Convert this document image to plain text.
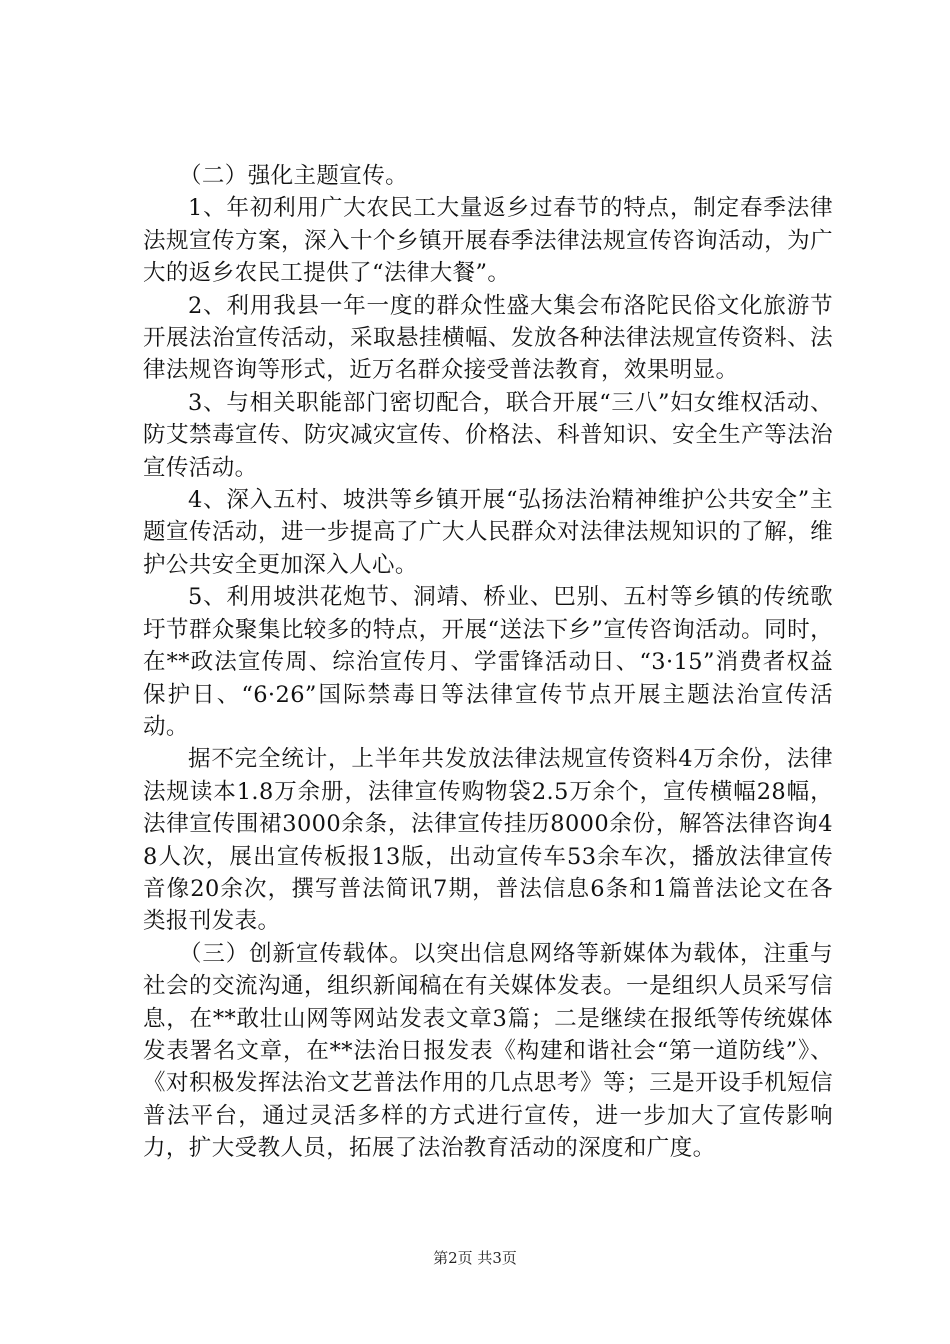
（二）强化主题宣传。

1、年初利用广大农民工大量返乡过春节的特点，制定春季法律法规宣传方案，深入十个乡镇开展春季法律法规宣传咨询活动，为广大的返乡农民工提供了“法律大餐”。

2、利用我县一年一度的群众性盛大集会布洛陀民俗文化旅游节开展法治宣传活动，采取悬挂横幅、发放各种法律法规宣传资料、法律法规咨询等形式，近万名群众接受普法教育，效果明显。

3、与相关职能部门密切配合，联合开展“三八”妇女维权活动、防艾禁毒宣传、防灾减灾宣传、价格法、科普知识、安全生产等法治宣传活动。

4、深入五村、坡洪等乡镇开展“弘扬法治精神维护公共安全”主题宣传活动，进一步提高了广大人民群众对法律法规知识的了解，维护公共安全更加深入人心。

5、利用坡洪花炮节、洞靖、桥业、巴别、五村等乡镇的传统歌圩节群众聚集比较多的特点，开展“送法下乡”宣传咨询活动。同时，在**政法宣传周、综治宣传月、学雷锋活动日、“3·15”消费者权益保护日、“6·26”国际禁毒日等法律宣传节点开展主题法治宣传活动。

据不完全统计，上半年共发放法律法规宣传资料4万余份，法律法规读本1.8万余册，法律宣传购物袋2.5万余个，宣传横幅28幅，法律宣传围裙3000余条，法律宣传挂历8000余份，解答法律咨询48人次，展出宣传板报13版，出动宣传车53余车次，播放法律宣传音像20余次，撰写普法简讯7期，普法信息6条和1篇普法论文在各类报刊发表。

（三）创新宣传载体。以突出信息网络等新媒体为载体，注重与社会的交流沟通，组织新闻稿在有关媒体发表。一是组织人员采写信息，在**敢壮山网等网站发表文章3篇；二是继续在报纸等传统媒体发表署名文章，在**法治日报发表《构建和谐社会“第一道防线”》、《对积极发挥法治文艺普法作用的几点思考》等；三是开设手机短信普法平台，通过灵活多样的方式进行宣传，进一步加大了宣传影响力，扩大受教人员，拓展了法治教育活动的深度和广度。

第2页 共3页
